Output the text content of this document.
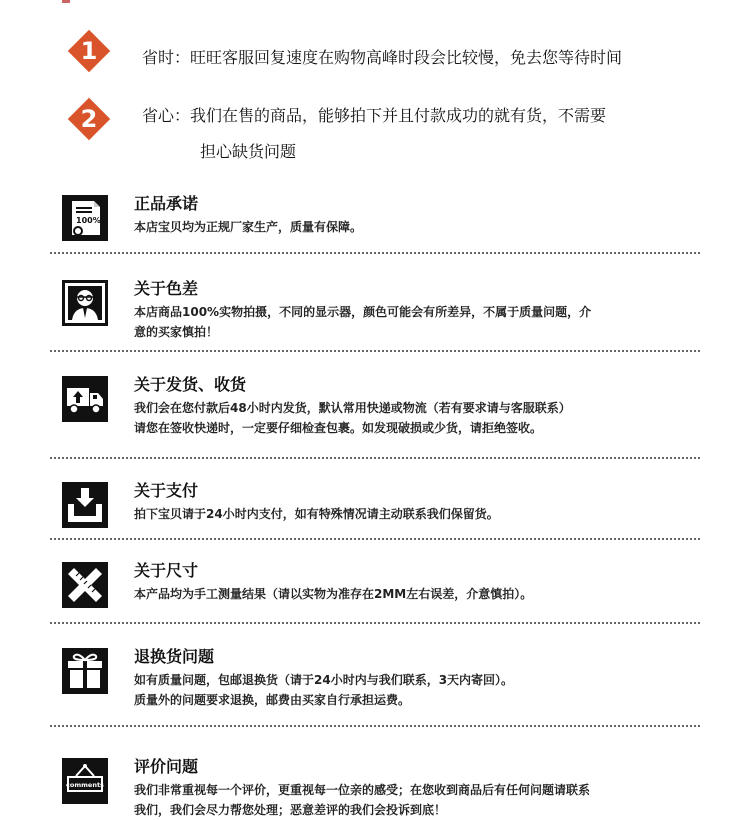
1	省时：旺旺客服回复速度在购物高峰时段会比较慢，免去您等待时间
2	省心：我们在售的商品，能够拍下并且付款成功的就有货，不需要
担心缺货问题
100%
正品承诺
本店宝贝均为正规厂家生产，质量有保障。
关于色差
本店商品100%实物拍摄，不同的显示器，颜色可能会有所差异，不属于质量问题，介
意的买家慎拍！
关于发货、收货
我们会在您付款后48小时内发货，默认常用快递或物流（若有要求请与客服联系）
请您在签收快递时，一定要仔细检查包裹。如发现破损或少货，请拒绝签收。
关于支付
拍下宝贝请于24小时内支付，如有特殊情况请主动联系我们保留货。
关于尺寸
本产品均为手工测量结果（请以实物为准存在2MM左右误差，介意慎拍）。
退换货问题
如有质量问题，包邮退换货（请于24小时内与我们联系，3天内寄回）。
质量外的问题要求退换，邮费由买家自行承担运费。
comments
评价问题
我们非常重视每一个评价，更重视每一位亲的感受；在您收到商品后有任何问题请联系
我们，我们会尽力帮您处理；恶意差评的我们会投诉到底！
